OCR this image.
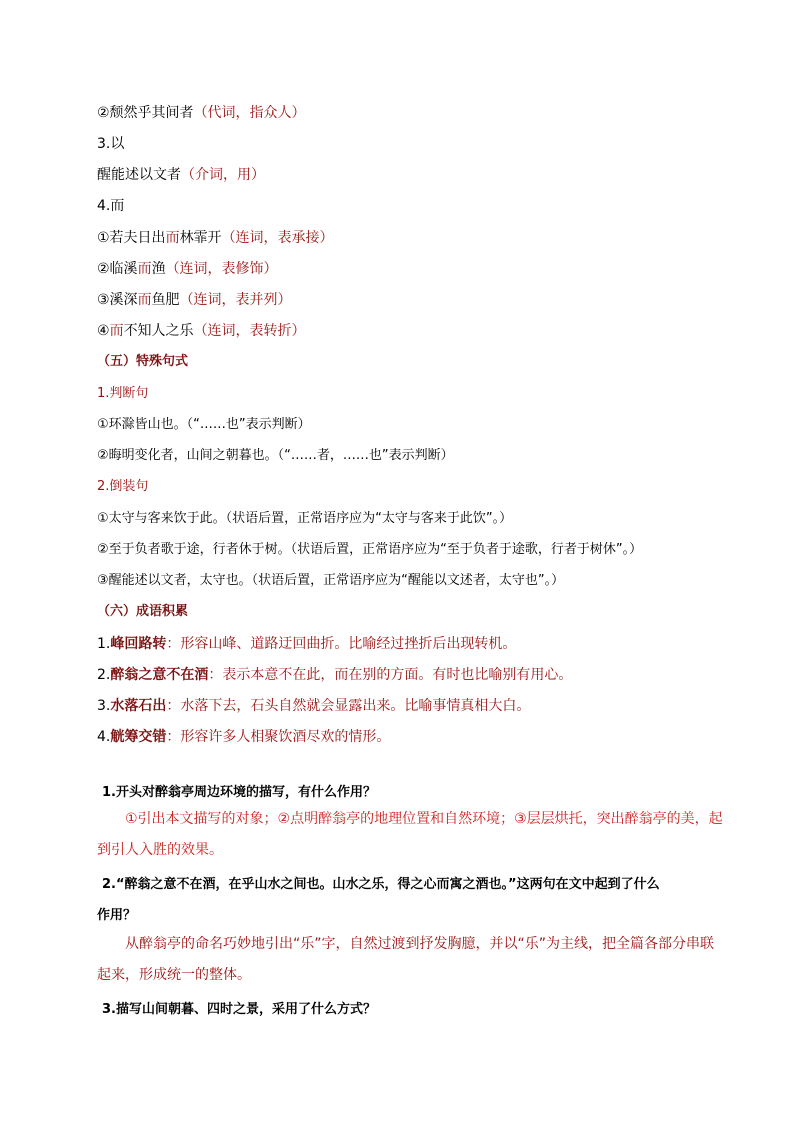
②颓然乎其间者（代词，指众人）
3.以
醒能述以文者（介词，用）
4.而
①若夫日出而林霏开（连词，表承接）
②临溪而渔（连词，表修饰）
③溪深而鱼肥（连词，表并列）
④而不知人之乐（连词，表转折）
（五）特殊句式
1.判断句
①环滁皆山也。（“……也”表示判断）
②晦明变化者，山间之朝暮也。（“……者，……也”表示判断）
2.倒装句
①太守与客来饮于此。（状语后置，正常语序应为“太守与客来于此饮”。）
②至于负者歌于途，行者休于树。（状语后置，正常语序应为“至于负者于途歌，行者于树休”。）
③醒能述以文者，太守也。（状语后置，正常语序应为“醒能以文述者，太守也”。）
（六）成语积累
1.峰回路转：形容山峰、道路迂回曲折。比喻经过挫折后出现转机。
2.醉翁之意不在酒：表示本意不在此，而在别的方面。有时也比喻别有用心。
3.水落石出：水落下去，石头自然就会显露出来。比喻事情真相大白。
4.觥筹交错：形容许多人相聚饮酒尽欢的情形。
1.开头对醉翁亭周边环境的描写，有什么作用？
①引出本文描写的对象；②点明醉翁亭的地理位置和自然环境；③层层烘托，突出醉翁亭的美，起到引人入胜的效果。
2.“醉翁之意不在酒，在乎山水之间也。山水之乐，得之心而寓之酒也。”这两句在文中起到了什么
作用？
从醉翁亭的命名巧妙地引出“乐”字，自然过渡到抒发胸臆，并以“乐”为主线，把全篇各部分串联起来，形成统一的整体。
3.描写山间朝暮、四时之景，采用了什么方式？
